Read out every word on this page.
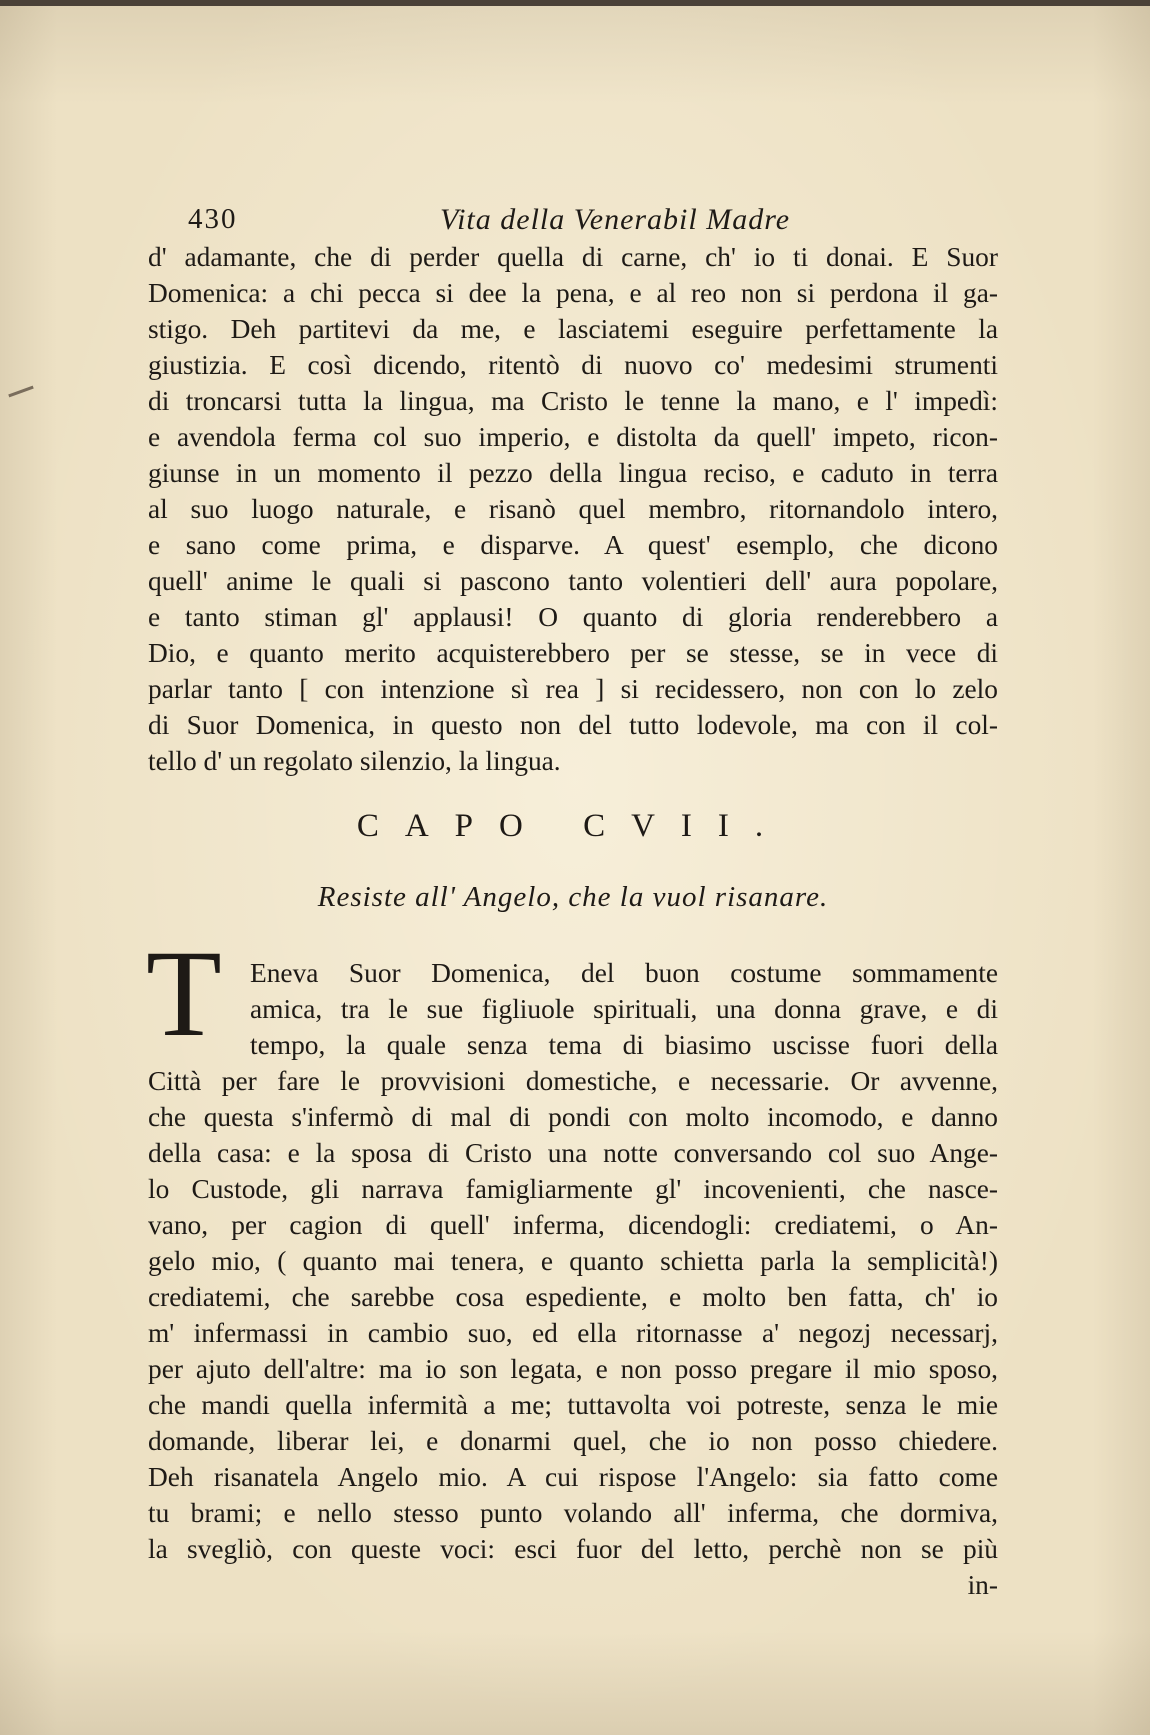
430	Vita della Venerabil Madre
d' adamante, che di perder quella di carne, ch' io ti donai. E Suor
Domenica: a chi pecca si dee la pena, e al reo non si perdona il ga-
stigo. Deh partitevi da me, e lasciatemi eseguire perfettamente la
giustizia. E così dicendo, ritentò di nuovo co' medesimi strumenti
di troncarsi tutta la lingua, ma Cristo le tenne la mano, e l' impedì:
e avendola ferma col suo imperio, e distolta da quell' impeto, ricon-
giunse in un momento il pezzo della lingua reciso, e caduto in terra
al suo luogo naturale, e risanò quel membro, ritornandolo intero,
e sano come prima, e disparve. A quest' esemplo, che dicono
quell' anime le quali si pascono tanto volentieri dell' aura popolare,
e tanto stiman gl' applausi! O quanto di gloria renderebbero a
Dio, e quanto merito acquisterebbero per se stesse, se in vece di
parlar tanto [ con intenzione sì rea ] si recidessero, non con lo zelo
di Suor Domenica, in questo non del tutto lodevole, ma con il col-
tello d' un regolato silenzio, la lingua.
CAPO CVII.
Resiste all' Angelo, che la vuol risanare.
T	Eneva Suor Domenica, del buon costume sommamente
amica, tra le sue figliuole spirituali, una donna grave, e di
tempo, la quale senza tema di biasimo uscisse fuori della
Città per fare le provvisioni domestiche, e necessarie. Or avvenne,
che questa s'infermò di mal di pondi con molto incomodo, e danno
della casa: e la sposa di Cristo una notte conversando col suo Ange-
lo Custode, gli narrava famigliarmente gl' incovenienti, che nasce-
vano, per cagion di quell' inferma, dicendogli: crediatemi, o An-
gelo mio, ( quanto mai tenera, e quanto schietta parla la semplicità!)
crediatemi, che sarebbe cosa espediente, e molto ben fatta, ch' io
m' infermassi in cambio suo, ed ella ritornasse a' negozj necessarj,
per ajuto dell'altre: ma io son legata, e non posso pregare il mio sposo,
che mandi quella infermità a me; tuttavolta voi potreste, senza le mie
domande, liberar lei, e donarmi quel, che io non posso chiedere.
Deh risanatela Angelo mio. A cui rispose l'Angelo: sia fatto come
tu brami; e nello stesso punto volando all' inferma, che dormiva,
la svegliò, con queste voci: esci fuor del letto, perchè non se più
in-
